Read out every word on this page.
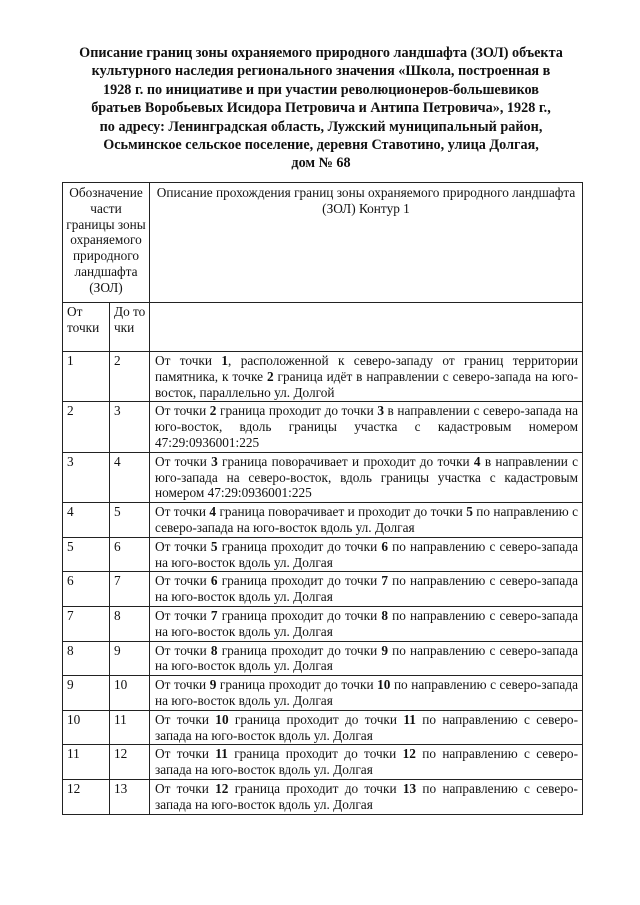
Описание границ зоны охраняемого природного ландшафта (ЗОЛ) объекта
культурного наследия регионального значения «Школа, построенная в
1928 г. по инициативе и при участии революционеров-большевиков
братьев Воробьевых Исидора Петровича и Антипа Петровича», 1928 г.,
по адресу: Ленинградская область, Лужский муниципальный район,
Осьминское сельское поселение, деревня Ставотино, улица Долгая,
дом № 68
Обозначение части границы зоны охраняемого природного ландшафта (ЗОЛ)		Описание прохождения границ зоны охраняемого природного ландшафта (ЗОЛ) Контур 1
От точки	До точки	
1	2	От точки 1, расположенной к северо-западу от границ территории памятника, к точке 2 граница идёт в направлении с северо-запада на юго-восток, параллельно ул. Долгой
2	3	От точки 2 граница проходит до точки 3 в направлении с северо-запада на юго-восток, вдоль границы участка с кадастровым номером 47:29:0936001:225
3	4	От точки 3 граница поворачивает и проходит до точки 4 в направлении с юго-запада на северо-восток, вдоль границы участка с кадастровым номером 47:29:0936001:225
4	5	От точки 4 граница поворачивает и проходит до точки 5 по направлению с северо-запада на юго-восток вдоль ул. Долгая
5	6	От точки 5 граница проходит до точки 6 по направлению с северо-запада на юго-восток вдоль ул. Долгая
6	7	От точки 6 граница проходит до точки 7 по направлению с северо-запада на юго-восток вдоль ул. Долгая
7	8	От точки 7 граница проходит до точки 8 по направлению с северо-запада на юго-восток вдоль ул. Долгая
8	9	От точки 8 граница проходит до точки 9 по направлению с северо-запада на юго-восток вдоль ул. Долгая
9	10	От точки 9 граница проходит до точки 10 по направлению с северо-запада на юго-восток вдоль ул. Долгая
10	11	От точки 10 граница проходит до точки 11 по направлению с северо-запада на юго-восток вдоль ул. Долгая
11	12	От точки 11 граница проходит до точки 12 по направлению с северо-запада на юго-восток вдоль ул. Долгая
12	13	От точки 12 граница проходит до точки 13 по направлению с северо-запада на юго-восток вдоль ул. Долгая
